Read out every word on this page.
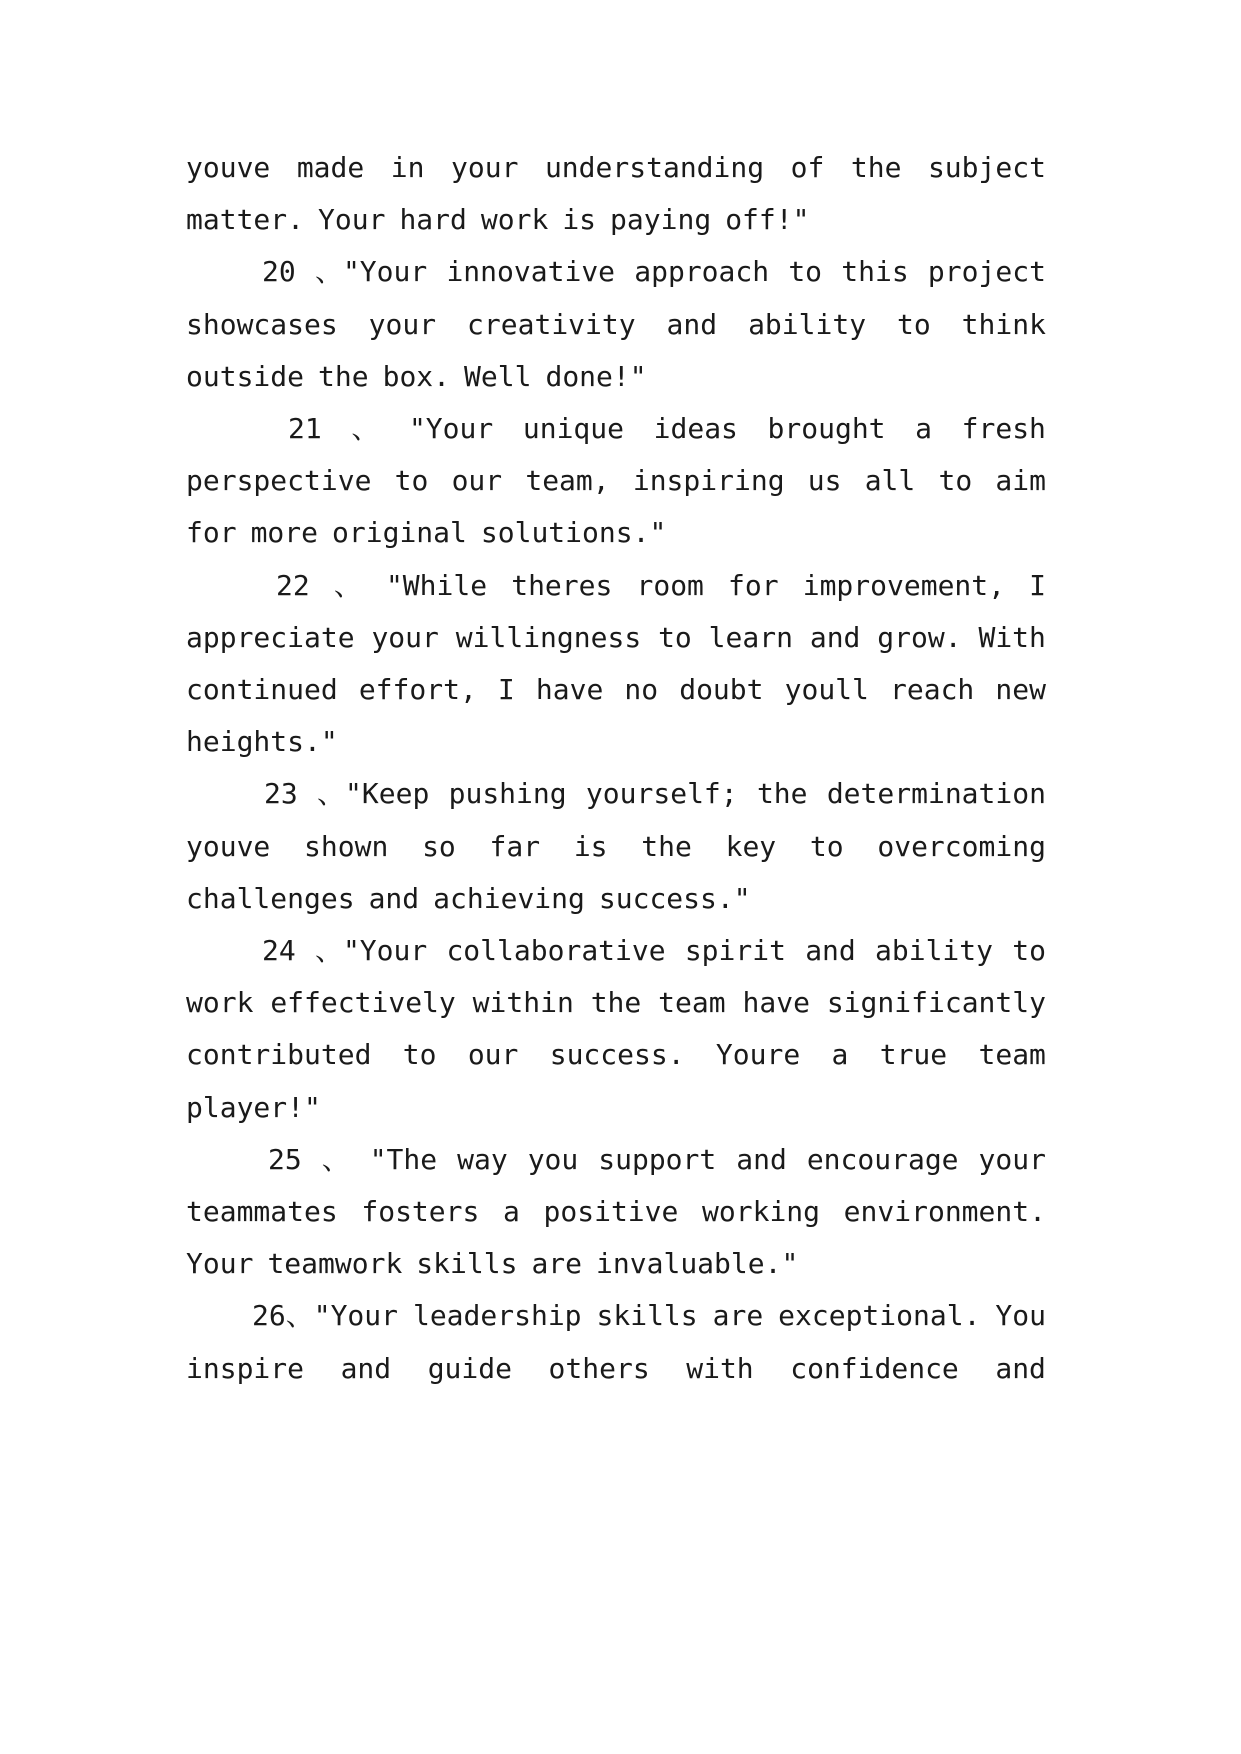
youve made in your understanding of the subject
matter. Your hard work is paying off!"
20 、"Your innovative approach to this project
showcases your creativity and ability to think
outside the box. Well done!"
21 、 "Your unique ideas brought a fresh
perspective to our team, inspiring us all to aim
for more original solutions."
22 、 "While theres room for improvement, I
appreciate your willingness to learn and grow. With
continued effort, I have no doubt youll reach new
heights."
23 、"Keep pushing yourself; the determination
youve shown so far is the key to overcoming
challenges and achieving success."
24 、"Your collaborative spirit and ability to
work effectively within the team have significantly
contributed to our success. Youre a true team
player!"
25 、 "The way you support and encourage your
teammates fosters a positive working environment.
Your teamwork skills are invaluable."
26、"Your leadership skills are exceptional. You
inspire and guide others with confidence and
